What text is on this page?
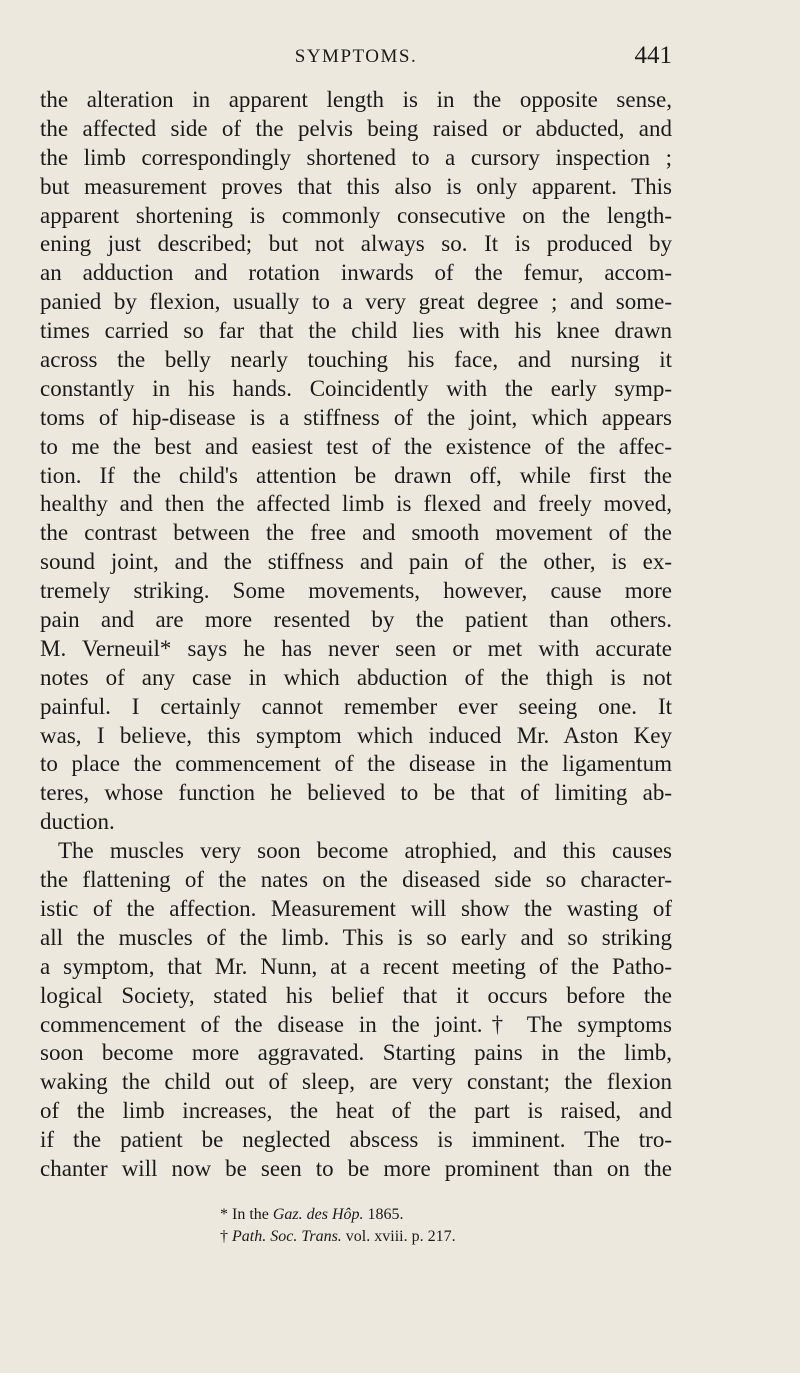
SYMPTOMS.	441
the alteration in apparent length is in the opposite sense,
the affected side of the pelvis being raised or abducted, and
the limb correspondingly shortened to a cursory inspection ;
but measurement proves that this also is only apparent. This
apparent shortening is commonly consecutive on the length-
ening just described; but not always so. It is produced by
an adduction and rotation inwards of the femur, accom-
panied by flexion, usually to a very great degree ; and some-
times carried so far that the child lies with his knee drawn
across the belly nearly touching his face, and nursing it
constantly in his hands. Coincidently with the early symp-
toms of hip-disease is a stiffness of the joint, which appears
to me the best and easiest test of the existence of the affec-
tion. If the child's attention be drawn off, while first the
healthy and then the affected limb is flexed and freely moved,
the contrast between the free and smooth movement of the
sound joint, and the stiffness and pain of the other, is ex-
tremely striking. Some movements, however, cause more
pain and are more resented by the patient than others.
M. Verneuil* says he has never seen or met with accurate
notes of any case in which abduction of the thigh is not
painful. I certainly cannot remember ever seeing one. It
was, I believe, this symptom which induced Mr. Aston Key
to place the commencement of the disease in the ligamentum
teres, whose function he believed to be that of limiting ab-
duction.
The muscles very soon become atrophied, and this causes
the flattening of the nates on the diseased side so character-
istic of the affection. Measurement will show the wasting of
all the muscles of the limb. This is so early and so striking
a symptom, that Mr. Nunn, at a recent meeting of the Patho-
logical Society, stated his belief that it occurs before the
commencement of the disease in the joint.† The symptoms
soon become more aggravated. Starting pains in the limb,
waking the child out of sleep, are very constant; the flexion
of the limb increases, the heat of the part is raised, and
if the patient be neglected abscess is imminent. The tro-
chanter will now be seen to be more prominent than on the
* In the Gaz. des Hôp. 1865.
† Path. Soc. Trans. vol. xviii. p. 217.
